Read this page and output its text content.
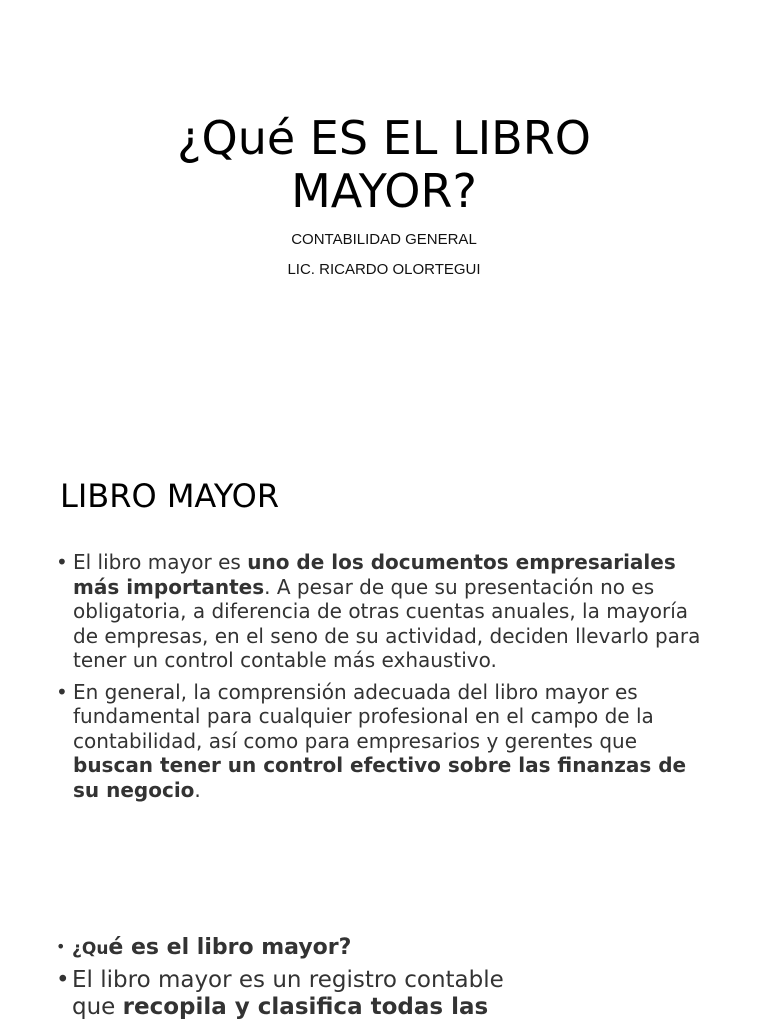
¿Qué ES EL LIBRO
MAYOR?
CONTABILIDAD GENERAL
LIC. RICARDO OLORTEGUI
LIBRO MAYOR
• El libro mayor es uno de los documentos empresariales más importantes. A pesar de que su presentación no es obligatoria, a diferencia de otras cuentas anuales, la mayoría de empresas, en el seno de su actividad, deciden llevarlo para tener un control contable más exhaustivo.
• En general, la comprensión adecuada del libro mayor es fundamental para cualquier profesional en el campo de la contabilidad, así como para empresarios y gerentes que buscan tener un control efectivo sobre las finanzas de su negocio.
• ¿Qué es el libro mayor?
• El libro mayor es un registro contable
que recopila y clasifica todas las
